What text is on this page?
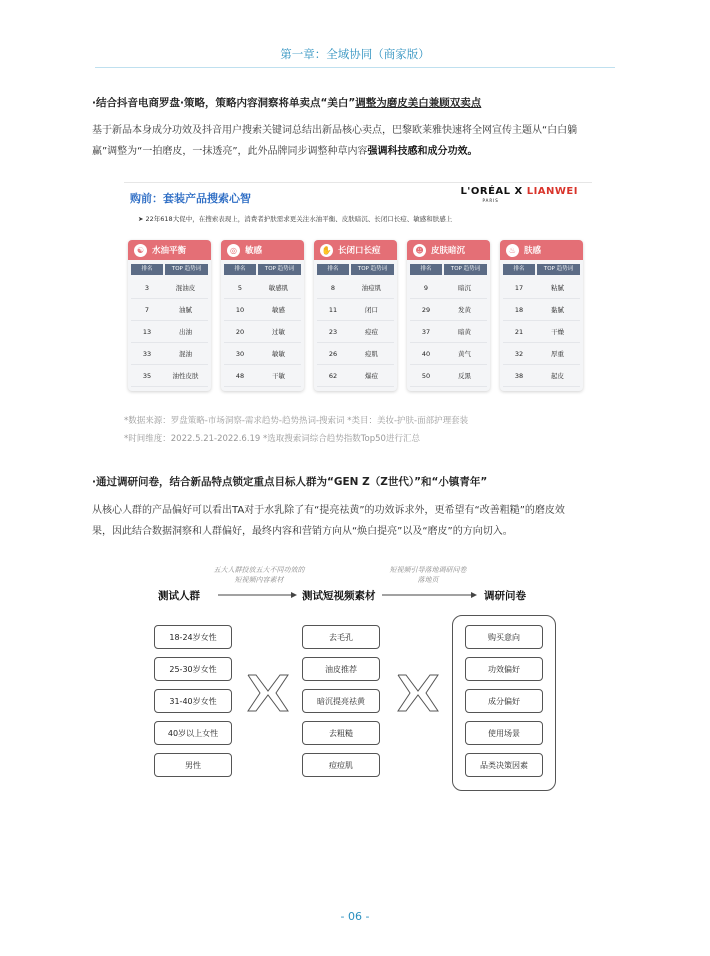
第一章：全域协同（商家版）
·结合抖音电商罗盘·策略，策略内容洞察将单卖点“美白”调整为磨皮美白兼顾双卖点
基于新品本身成分功效及抖音用户搜索关键词总结出新品核心卖点，巴黎欧莱雅快速将全网宣传主题从“白白躺
赢”调整为“一拍磨皮，一抹透亮”，此外品牌同步调整种草内容强调科技感和成分功效。
购前：套装产品搜索心智
L'ORÉAL X LIANWEI
PARIS
➤ 22年618大促中，在搜索表现上，消费者护肤需求更关注水油平衡、皮肤暗沉、长闭口长痘、敏感和肤感上
☯ 水油平衡
排名	TOP 趋势词
3	混油皮
7	油腻
13	出油
33	混油
35	油性皮肤
◎ 敏感
排名	TOP 趋势词
5	敏感肌
10	敏感
20	过敏
30	敏敏
48	干敏
✋ 长闭口长痘
排名	TOP 趋势词
8	油痘肌
11	闭口
23	痘痘
26	痘肌
62	爆痘
☻ 皮肤暗沉
排名	TOP 趋势词
9	暗沉
29	发黄
37	暗黄
40	黄气
50	反黑
♨ 肤感
排名	TOP 趋势词
17	粘腻
18	黏腻
21	干燥
32	厚重
38	起皮
*数据来源：罗盘策略-市场洞察-需求趋势-趋势热词-搜索词 *类目：美妆-护肤-面部护理套装
*时间维度：2022.5.21-2022.6.19 *选取搜索词综合趋势指数Top50进行汇总
·通过调研问卷，结合新品特点锁定重点目标人群为“GEN Z（Z世代）”和“小镇青年”
从核心人群的产品偏好可以看出TA对于水乳除了有“提亮祛黄”的功效诉求外，更希望有“改善粗糙”的磨皮效
果，因此结合数据洞察和人群偏好，最终内容和营销方向从“焕白提亮”以及“磨皮”的方向切入。
五大人群投放五大不同功效的
短视频内容素材
短视频引导落地调研问卷
落地页
测试人群	测试短视频素材	调研问卷
18-24岁女性
25-30岁女性
31-40岁女性
40岁以上女性
男性
去毛孔
油皮推荐
暗沉提亮祛黄
去粗糙
痘痘肌
购买意向
功效偏好
成分偏好
使用场景
品类决策因素
- 06 -
